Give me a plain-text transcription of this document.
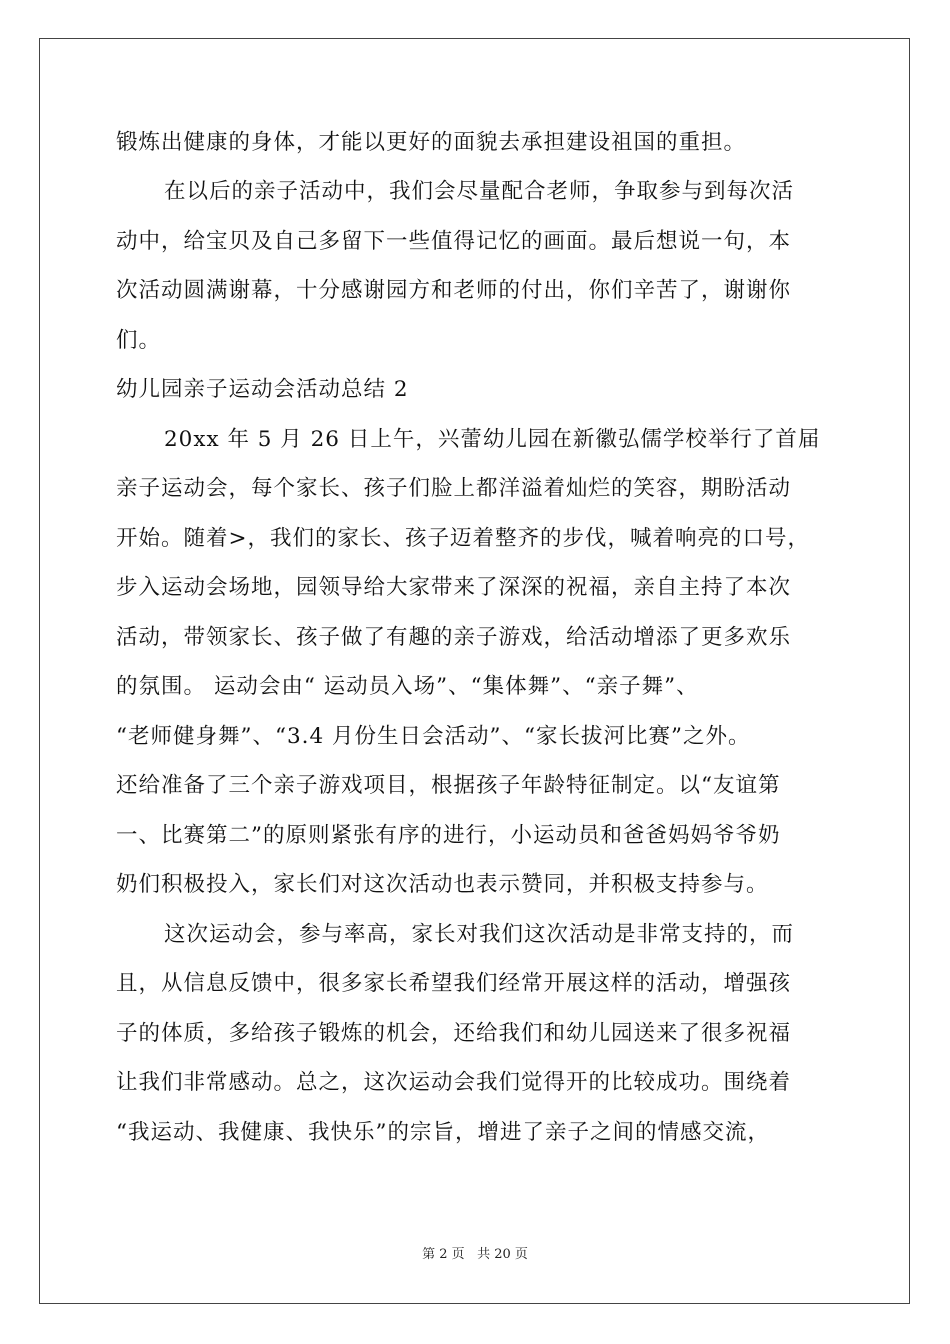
锻炼出健康的身体，才能以更好的面貌去承担建设祖国的重担。
在以后的亲子活动中，我们会尽量配合老师，争取参与到每次活
动中，给宝贝及自己多留下一些值得记忆的画面。最后想说一句，本
次活动圆满谢幕，十分感谢园方和老师的付出，你们辛苦了，谢谢你
们。
幼儿园亲子运动会活动总结 2
20xx 年 5 月 26 日上午，兴蕾幼儿园在新徽弘儒学校举行了首届
亲子运动会，每个家长、孩子们脸上都洋溢着灿烂的笑容，期盼活动
开始。随着>，我们的家长、孩子迈着整齐的步伐，喊着响亮的口号，
步入运动会场地，园领导给大家带来了深深的祝福，亲自主持了本次
活动，带领家长、孩子做了有趣的亲子游戏，给活动增添了更多欢乐
的氛围。 运动会由“ 运动员入场”、“集体舞”、“亲子舞”、
“老师健身舞”、“3.4 月份生日会活动”、“家长拔河比赛”之外。
还给准备了三个亲子游戏项目，根据孩子年龄特征制定。以“友谊第
一、比赛第二”的原则紧张有序的进行，小运动员和爸爸妈妈爷爷奶
奶们积极投入，家长们对这次活动也表示赞同，并积极支持参与。
这次运动会，参与率高，家长对我们这次活动是非常支持的，而
且，从信息反馈中，很多家长希望我们经常开展这样的活动，增强孩
子的体质，多给孩子锻炼的机会，还给我们和幼儿园送来了很多祝福
让我们非常感动。总之，这次运动会我们觉得开的比较成功。围绕着
“我运动、我健康、我快乐”的宗旨，增进了亲子之间的情感交流，
第 2 页 共 20 页
